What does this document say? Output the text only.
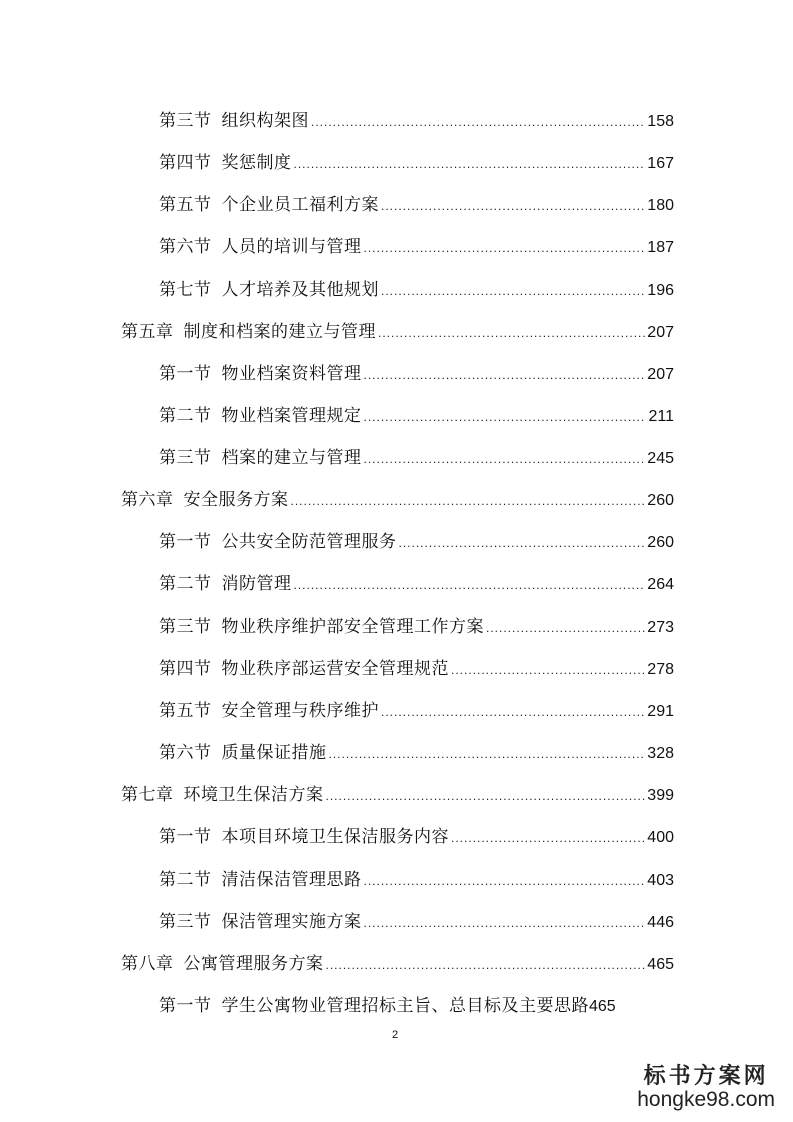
第三节 组织构架图 .....	158
第四节 奖惩制度 .....	167
第五节 个企业员工福利方案 .....	180
第六节 人员的培训与管理 .....	187
第七节 人才培养及其他规划 .....	196
第五章 制度和档案的建立与管理 .....	207
第一节 物业档案资料管理 .....	207
第二节 物业档案管理规定 .....	211
第三节 档案的建立与管理 .....	245
第六章 安全服务方案 .....	260
第一节 公共安全防范管理服务 .....	260
第二节 消防管理 .....	264
第三节 物业秩序维护部安全管理工作方案 .....	273
第四节 物业秩序部运营安全管理规范 .....	278
第五节 安全管理与秩序维护 .....	291
第六节 质量保证措施 .....	328
第七章 环境卫生保洁方案 .....	399
第一节 本项目环境卫生保洁服务内容 .....	400
第二节 清洁保洁管理思路 .....	403
第三节 保洁管理实施方案 .....	446
第八章 公寓管理服务方案 .....	465
第一节 学生公寓物业管理招标主旨、总目标及主要思路 465
2
标书方案网
hongke98.com
